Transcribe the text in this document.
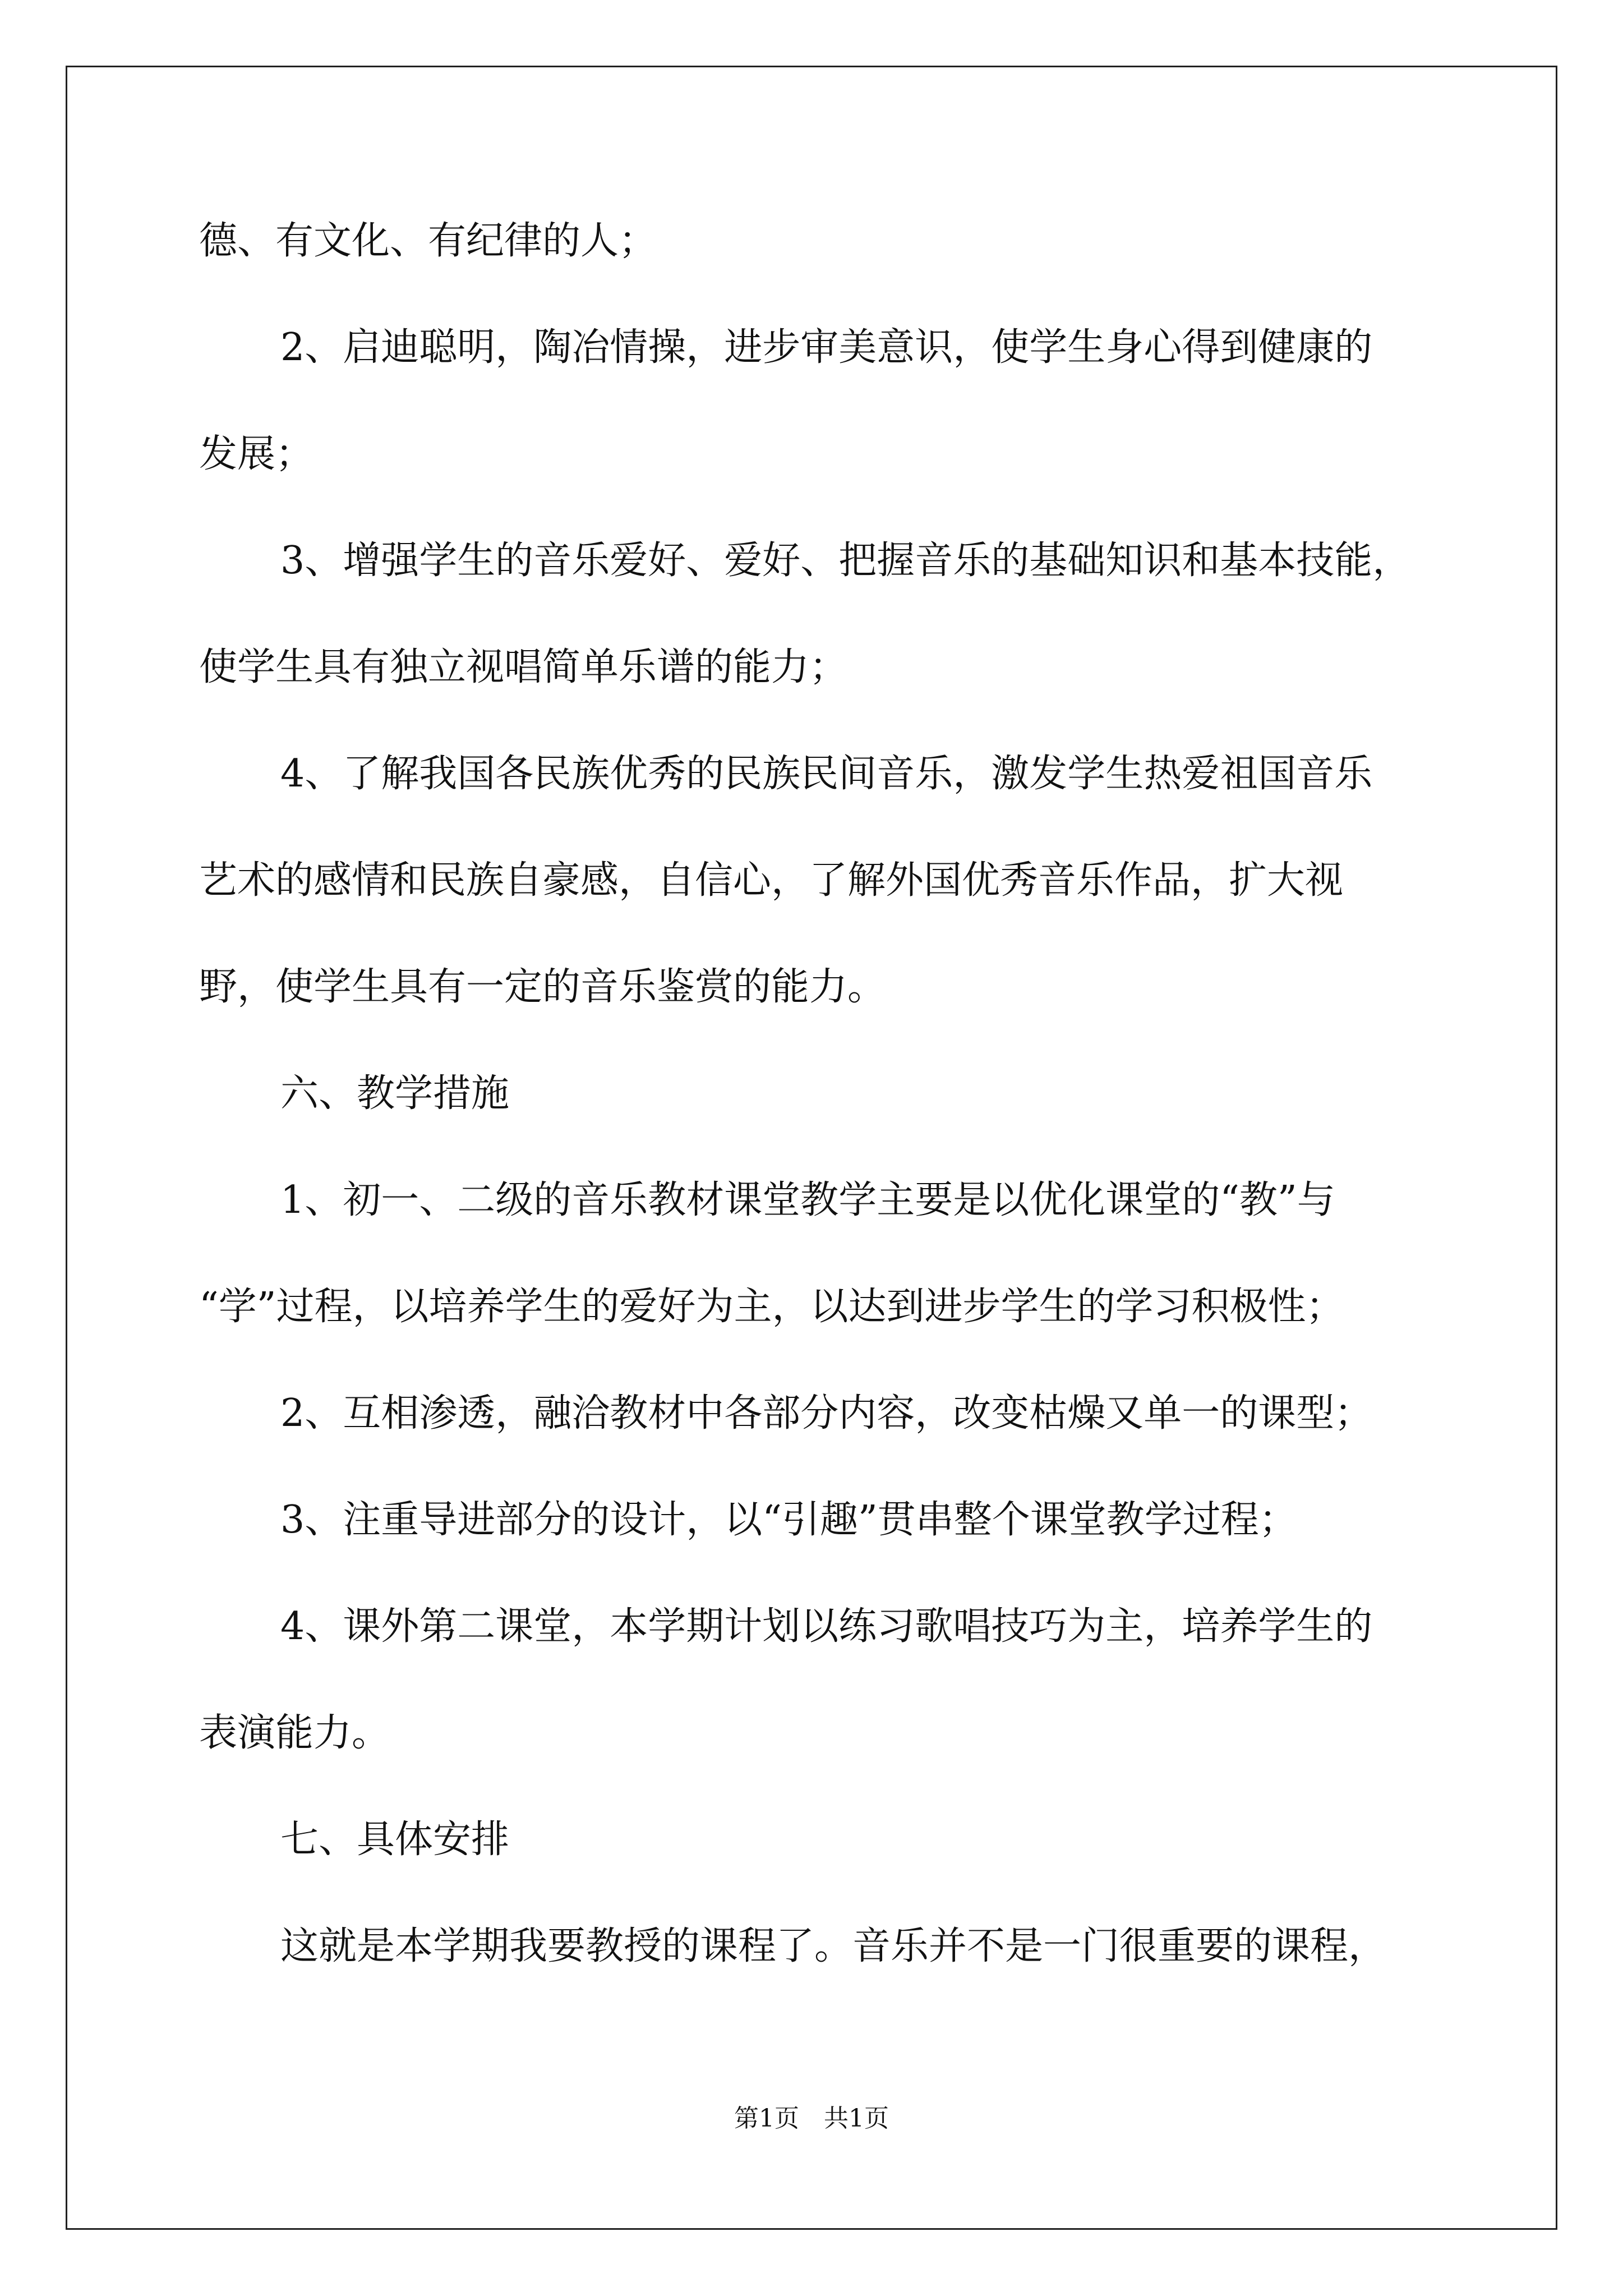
德、有文化、有纪律的人；
2、启迪聪明，陶冶情操，进步审美意识，使学生身心得到健康的
发展；
3、增强学生的音乐爱好、爱好、把握音乐的基础知识和基本技能，
使学生具有独立视唱简单乐谱的能力；
4、了解我国各民族优秀的民族民间音乐，激发学生热爱祖国音乐
艺术的感情和民族自豪感，自信心，了解外国优秀音乐作品，扩大视
野，使学生具有一定的音乐鉴赏的能力。
六、教学措施
1、初一、二级的音乐教材课堂教学主要是以优化课堂的“教”与
“学”过程，以培养学生的爱好为主，以达到进步学生的学习积极性；
2、互相渗透，融洽教材中各部分内容，改变枯燥又单一的课型；
3、注重导进部分的设计，以“引趣”贯串整个课堂教学过程；
4、课外第二课堂，本学期计划以练习歌唱技巧为主，培养学生的
表演能力。
七、具体安排
这就是本学期我要教授的课程了。音乐并不是一门很重要的课程，
第1页　共1页
